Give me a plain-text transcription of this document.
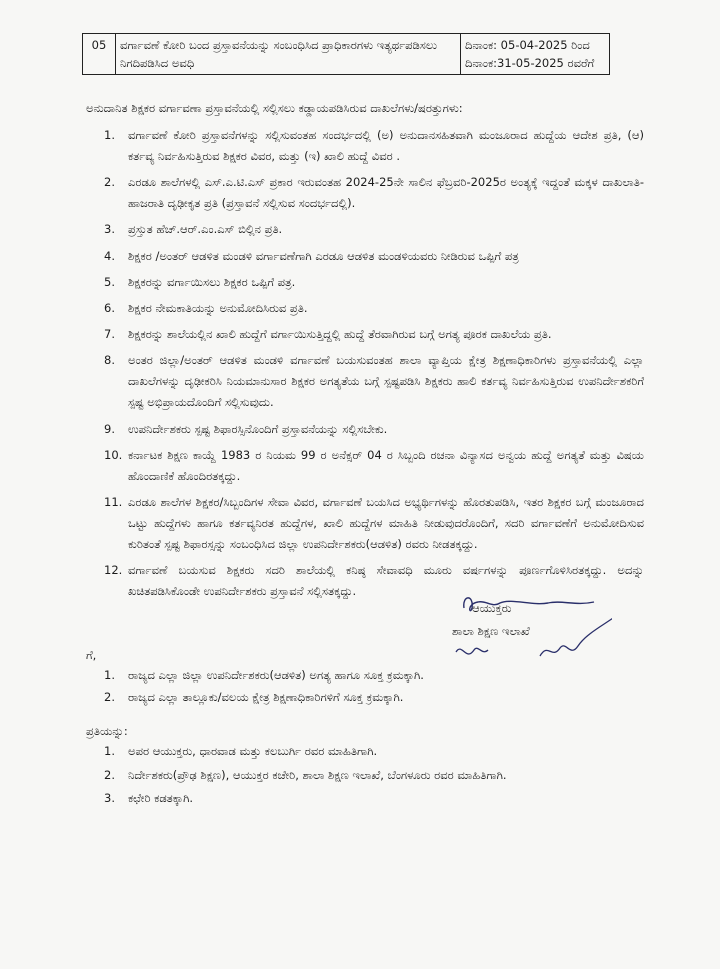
05	ವರ್ಗಾವಣೆ ಕೋರಿ ಬಂದ ಪ್ರಸ್ತಾವನೆಯನ್ನು ಸಂಬಂಧಿಸಿದ ಪ್ರಾಧಿಕಾರಗಳು ಇತ್ಯರ್ಥಪಡಿಸಲು ನಿಗದಿಪಡಿಸಿದ ಅವಧಿ	
ದಿನಾಂಕ: 05-04-2025 ರಿಂದ
ದಿನಾಂಕ:31-05-2025 ರವರೆಗೆ
ಅನುದಾನಿತ ಶಿಕ್ಷಕರ ವರ್ಗಾವಣಾ ಪ್ರಸ್ತಾವನೆಯಲ್ಲಿ ಸಲ್ಲಿಸಲು ಕಡ್ಡಾಯಪಡಿಸಿರುವ ದಾಖಲೆಗಳು/ಷರತ್ತುಗಳು:
1.	ವರ್ಗಾವಣೆ ಕೋರಿ ಪ್ರಸ್ತಾವನೆಗಳನ್ನು ಸಲ್ಲಿಸುವಂತಹ ಸಂದರ್ಭದಲ್ಲಿ (ಅ) ಅನುದಾನಸಹಿತವಾಗಿ ಮಂಜೂರಾದ ಹುದ್ದೆಯ ಆದೇಶ ಪ್ರತಿ, (ಆ) ಕರ್ತವ್ಯ ನಿರ್ವಹಿಸುತ್ತಿರುವ ಶಿಕ್ಷಕರ ವಿವರ, ಮತ್ತು (ಇ) ಖಾಲಿ ಹುದ್ದೆ ವಿವರ .
2.	ಎರಡೂ ಶಾಲೆಗಳಲ್ಲಿ ಎಸ್.ಎ.ಟಿ.ಎಸ್ ಪ್ರಕಾರ ಇರುವಂತಹ 2024-25ನೇ ಸಾಲಿನ ಫೆಬ್ರವರಿ-2025ರ ಅಂತ್ಯಕ್ಕೆ ಇದ್ದಂತೆ ಮಕ್ಕಳ ದಾಖಲಾತಿ-ಹಾಜರಾತಿ ದೃಢೀಕೃತ ಪ್ರತಿ (ಪ್ರಸ್ತಾವನೆ ಸಲ್ಲಿಸುವ ಸಂದರ್ಭದಲ್ಲಿ).
3.	ಪ್ರಸ್ತುತ ಹೆಚ್.ಆರ್.ಎಂ.ಎಸ್ ಬಿಲ್ಲಿನ ಪ್ರತಿ.
4.	ಶಿಕ್ಷಕರ /ಅಂತರ್ ಆಡಳಿತ ಮಂಡಳಿ ವರ್ಗಾವಣೆಗಾಗಿ ಎರಡೂ ಆಡಳಿತ ಮಂಡಳಿಯವರು ನೀಡಿರುವ ಒಪ್ಪಿಗೆ ಪತ್ರ
5.	ಶಿಕ್ಷಕರನ್ನು ವರ್ಗಾಯಿಸಲು ಶಿಕ್ಷಕರ ಒಪ್ಪಿಗೆ ಪತ್ರ.
6.	ಶಿಕ್ಷಕರ ನೇಮಕಾತಿಯನ್ನು ಅನುಮೋದಿಸಿರುವ ಪ್ರತಿ.
7.	ಶಿಕ್ಷಕರನ್ನು ಶಾಲೆಯಲ್ಲಿನ ಖಾಲಿ ಹುದ್ದೆಗೆ ವರ್ಗಾಯಿಸುತ್ತಿದ್ದಲ್ಲಿ ಹುದ್ದೆ ತೆರವಾಗಿರುವ ಬಗ್ಗೆ ಅಗತ್ಯ ಪೂರಕ ದಾಖಲೆಯ ಪ್ರತಿ.
8.	ಅಂತರ ಜಿಲ್ಲಾ/ಅಂತರ್ ಆಡಳಿತ ಮಂಡಳಿ ವರ್ಗಾವಣೆ ಬಯಸುವಂತಹ ಶಾಲಾ ವ್ಯಾಪ್ತಿಯ ಕ್ಷೇತ್ರ ಶಿಕ್ಷಣಾಧಿಕಾರಿಗಳು ಪ್ರಸ್ತಾವನೆಯಲ್ಲಿ ಎಲ್ಲಾ ದಾಖಲೆಗಳನ್ನು ದೃಢೀಕರಿಸಿ ನಿಯಮಾನುಸಾರ ಶಿಕ್ಷಕರ ಅಗತ್ಯತೆಯ ಬಗ್ಗೆ ಸ್ಪಷ್ಟಪಡಿಸಿ ಶಿಕ್ಷಕರು ಹಾಲಿ ಕರ್ತವ್ಯ ನಿರ್ವಹಿಸುತ್ತಿರುವ ಉಪನಿರ್ದೇಶಕರಿಗೆ ಸ್ಪಷ್ಟ ಅಭಿಪ್ರಾಯದೊಂದಿಗೆ ಸಲ್ಲಿಸುವುದು.
9.	ಉಪನಿರ್ದೇಶಕರು ಸ್ಪಷ್ಟ ಶಿಫಾರಸ್ಸಿನೊಂದಿಗೆ ಪ್ರಸ್ತಾವನೆಯನ್ನು ಸಲ್ಲಿಸಬೇಕು.
10. ಕರ್ನಾಟಕ ಶಿಕ್ಷಣ ಕಾಯ್ದೆ 1983 ರ ನಿಯಮ 99 ರ ಅನೆಕ್ಸರ್ 04 ರ ಸಿಬ್ಬಂದಿ ರಚನಾ ವಿನ್ಯಾಸದ ಅನ್ವಯ ಹುದ್ದೆ ಅಗತ್ಯತೆ ಮತ್ತು ವಿಷಯ ಹೊಂದಾಣಿಕೆ ಹೊಂದಿರತಕ್ಕದ್ದು.
11. ಎರಡೂ ಶಾಲೆಗಳ ಶಿಕ್ಷಕರ/ಸಿಬ್ಬಂದಿಗಳ ಸೇವಾ ವಿವರ, ವರ್ಗಾವಣೆ ಬಯಸಿದ ಅಭ್ಯರ್ಥಿಗಳನ್ನು ಹೊರತುಪಡಿಸಿ, ಇತರ ಶಿಕ್ಷಕರ ಬಗ್ಗೆ ಮಂಜೂರಾದ ಒಟ್ಟು ಹುದ್ದೆಗಳು ಹಾಗೂ ಕರ್ತವ್ಯನಿರತ ಹುದ್ದೆಗಳ, ಖಾಲಿ ಹುದ್ದೆಗಳ ಮಾಹಿತಿ ನೀಡುವುದರೊಂದಿಗೆ, ಸದರಿ ವರ್ಗಾವಣೆಗೆ ಅನುಮೋದಿಸುವ ಕುರಿತಂತೆ ಸ್ಪಷ್ಟ ಶಿಫಾರಸ್ಸನ್ನು ಸಂಬಂಧಿಸಿದ ಜಿಲ್ಲಾ ಉಪನಿರ್ದೇಶಕರು(ಆಡಳಿತ) ರವರು ನೀಡತಕ್ಕದ್ದು.
12. ವರ್ಗಾವಣೆ ಬಯಸುವ ಶಿಕ್ಷಕರು ಸದರಿ ಶಾಲೆಯಲ್ಲಿ ಕನಿಷ್ಠ ಸೇವಾವಧಿ ಮೂರು ವರ್ಷಗಳನ್ನು ಪೂರ್ಣಗೊಳಿಸಿರತಕ್ಕದ್ದು. ಅದನ್ನು ಖಚಿತಪಡಿಸಿಕೊಂಡೇ ಉಪನಿರ್ದೇಶಕರು ಪ್ರಸ್ತಾವನೆ ಸಲ್ಲಿಸತಕ್ಕದ್ದು.
ಆಯುಕ್ತರು
ಶಾಲಾ ಶಿಕ್ಷಣ ಇಲಾಖೆ
ಗೆ,
1.	ರಾಜ್ಯದ ಎಲ್ಲಾ ಜಿಲ್ಲಾ ಉಪನಿರ್ದೇಶಕರು(ಆಡಳಿತ) ಅಗತ್ಯ ಹಾಗೂ ಸೂಕ್ತ ಕ್ರಮಕ್ಕಾಗಿ.
2.	ರಾಜ್ಯದ ಎಲ್ಲಾ ತಾಲ್ಲೂಕು/ವಲಯ ಕ್ಷೇತ್ರ ಶಿಕ್ಷಣಾಧಿಕಾರಿಗಳಿಗೆ ಸೂಕ್ತ ಕ್ರಮಕ್ಕಾಗಿ.
ಪ್ರತಿಯನ್ನು:
1.	ಅಪರ ಆಯುಕ್ತರು, ಧಾರವಾಡ ಮತ್ತು ಕಲಬುರ್ಗಿ ರವರ ಮಾಹಿತಿಗಾಗಿ.
2.	ನಿರ್ದೇಶಕರು(ಪ್ರೌಢ ಶಿಕ್ಷಣ), ಆಯುಕ್ತರ ಕಚೇರಿ, ಶಾಲಾ ಶಿಕ್ಷಣ ಇಲಾಖೆ, ಬೆಂಗಳೂರು ರವರ ಮಾಹಿತಿಗಾಗಿ.
3.	ಕಛೇರಿ ಕಡತಕ್ಕಾಗಿ.
